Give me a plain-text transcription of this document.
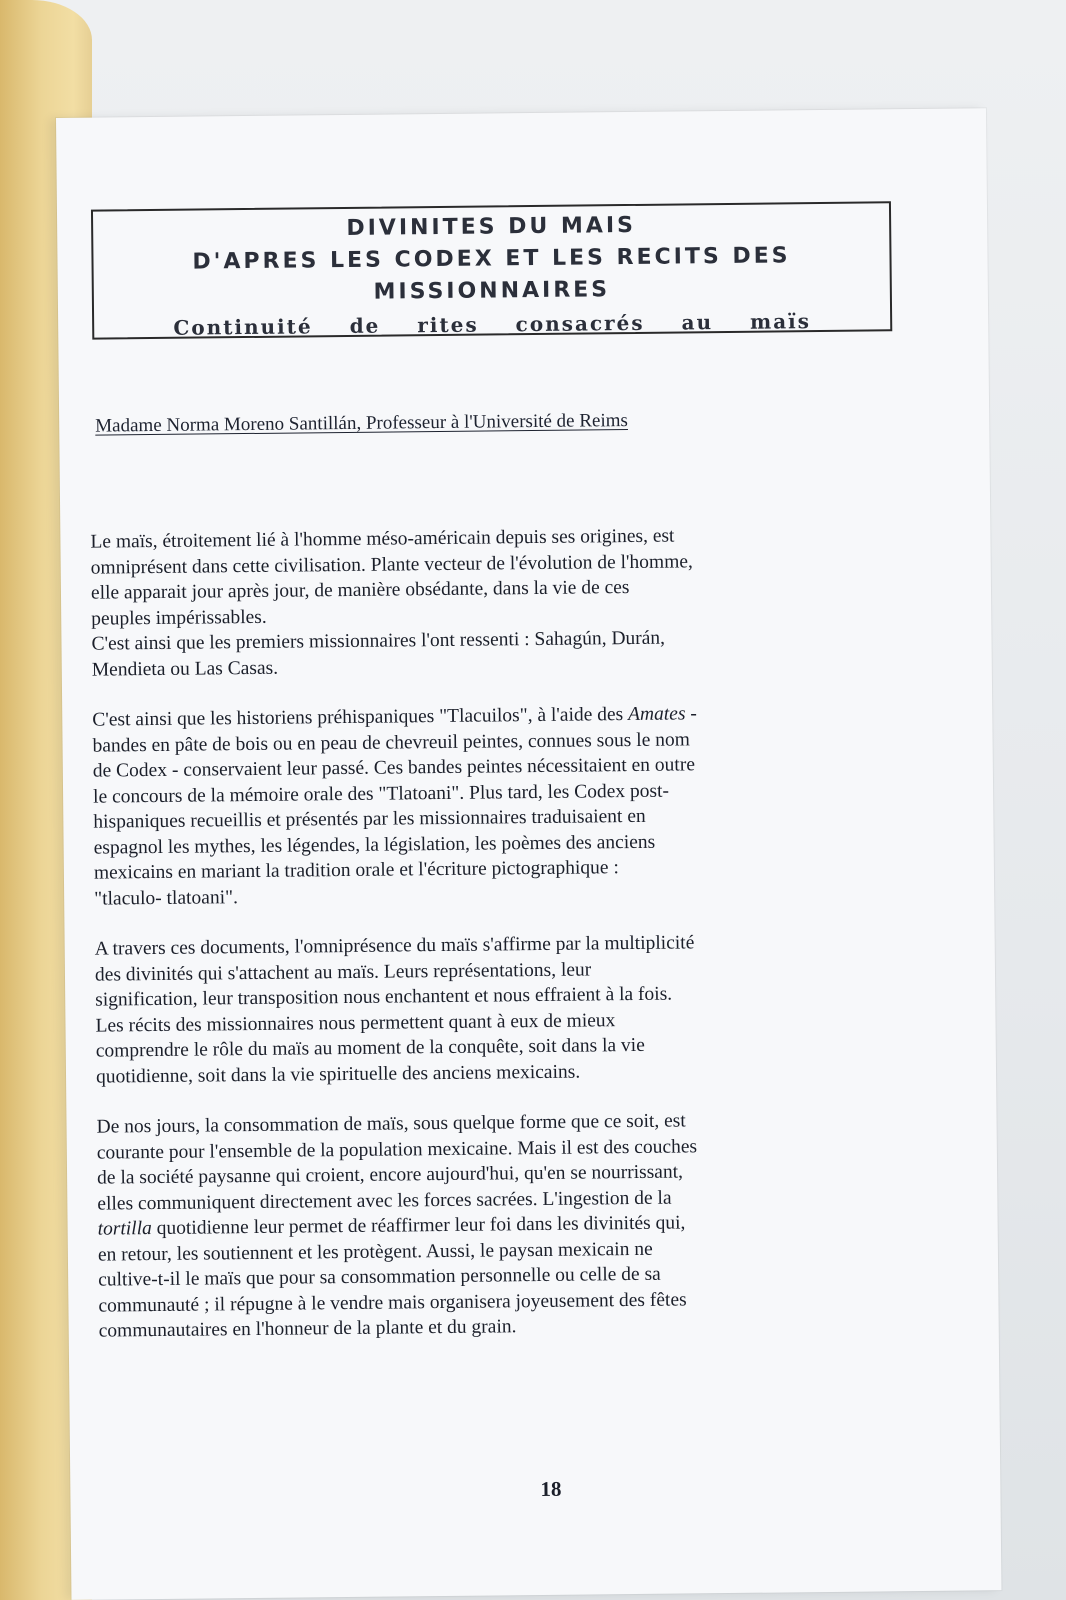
DIVINITES DU MAIS
D'APRES LES CODEX ET LES RECITS DES
MISSIONNAIRES
Continuité de rites consacrés au maïs
Madame Norma Moreno Santillán, Professeur à l'Université de Reims
Le maïs, étroitement lié à l'homme méso-américain depuis ses origines, est
omniprésent dans cette civilisation. Plante vecteur de l'évolution de l'homme,
elle apparait jour après jour, de manière obsédante, dans la vie de ces
peuples impérissables.
C'est ainsi que les premiers missionnaires l'ont ressenti : Sahagún, Durán,
Mendieta ou Las Casas.
C'est ainsi que les historiens préhispaniques "Tlacuilos", à l'aide des Amates -
bandes en pâte de bois ou en peau de chevreuil peintes, connues sous le nom
de Codex - conservaient leur passé. Ces bandes peintes nécessitaient en outre
le concours de la mémoire orale des "Tlatoani". Plus tard, les Codex post-
hispaniques recueillis et présentés par les missionnaires traduisaient en
espagnol les mythes, les légendes, la législation, les poèmes des anciens
mexicains en mariant la tradition orale et l'écriture pictographique :
"tlaculo- tlatoani".
A travers ces documents, l'omniprésence du maïs s'affirme par la multiplicité
des divinités qui s'attachent au maïs. Leurs représentations, leur
signification, leur transposition nous enchantent et nous effraient à la fois.
Les récits des missionnaires nous permettent quant à eux de mieux
comprendre le rôle du maïs au moment de la conquête, soit dans la vie
quotidienne, soit dans la vie spirituelle des anciens mexicains.
De nos jours, la consommation de maïs, sous quelque forme que ce soit, est
courante pour l'ensemble de la population mexicaine. Mais il est des couches
de la société paysanne qui croient, encore aujourd'hui, qu'en se nourrissant,
elles communiquent directement avec les forces sacrées. L'ingestion de la
tortilla quotidienne leur permet de réaffirmer leur foi dans les divinités qui,
en retour, les soutiennent et les protègent. Aussi, le paysan mexicain ne
cultive-t-il le maïs que pour sa consommation personnelle ou celle de sa
communauté ; il répugne à le vendre mais organisera joyeusement des fêtes
communautaires en l'honneur de la plante et du grain.
18
